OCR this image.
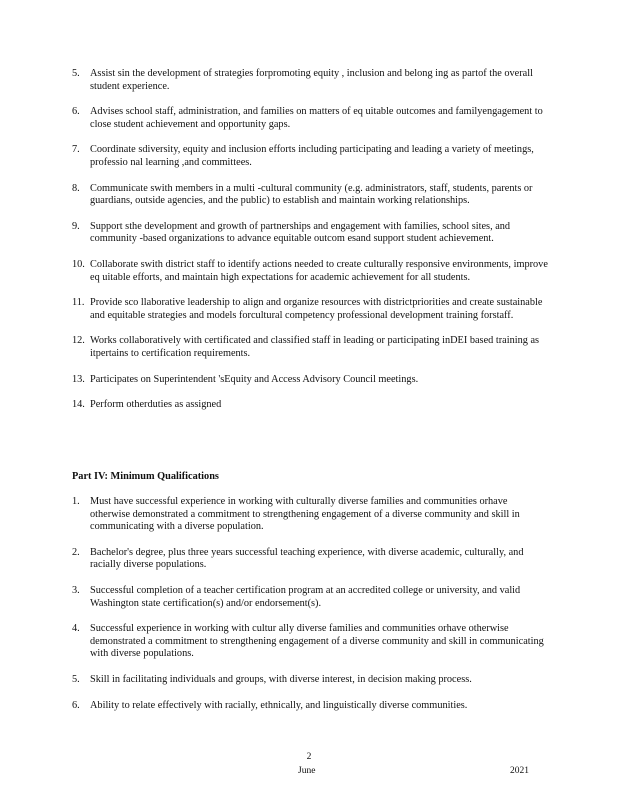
5. Assist sin the development of strategies forpromoting equity , inclusion and belong ing as partof the overall student experience.
6. Advises school staff, administration, and families on matters of eq uitable outcomes and familyengagement to close student achievement and opportunity gaps.
7. Coordinate sdiversity, equity and inclusion efforts including participating and leading a variety of meetings, professio nal learning ,and committees.
8. Communicate swith members in a multi -cultural community (e.g. administrators, staff, students, parents or guardians, outside agencies, and the public) to establish and maintain working relationships.
9. Support sthe development and growth of partnerships and engagement with families, school sites, and community -based organizations to advance equitable outcom esand support student achievement.
10. Collaborate swith district staff to identify actions needed to create culturally responsive environments, improve eq uitable efforts, and maintain high expectations for academic achievement for all students.
11. Provide sco llaborative leadership to align and organize resources with districtpriorities and create sustainable and equitable strategies and models forcultural competency professional development training forstaff.
12. Works collaboratively with certificated and classified staff in leading or participating inDEI based training as itpertains to certification requirements.
13. Participates on Superintendent 'sEquity and Access Advisory Council meetings.
14. Perform otherduties as assigned
Part IV: Minimum Qualifications
1. Must have successful experience in working with culturally diverse families and communities orhave otherwise demonstrated a commitment to strengthening engagement of a diverse community and skill in communicating with a diverse population.
2. Bachelor's degree, plus three years successful teaching experience, with diverse academic, culturally, and racially diverse populations.
3. Successful completion of a teacher certification program at an accredited college or university, and valid Washington state certification(s) and/or endorsement(s).
4. Successful experience in working with cultur ally diverse families and communities orhave otherwise demonstrated a commitment to strengthening engagement of a diverse community and skill in communicating with diverse populations.
5. Skill in facilitating individuals and groups, with diverse interest, in decision making process.
6. Ability to relate effectively with racially, ethnically, and linguistically diverse communities.
2
June	2021
